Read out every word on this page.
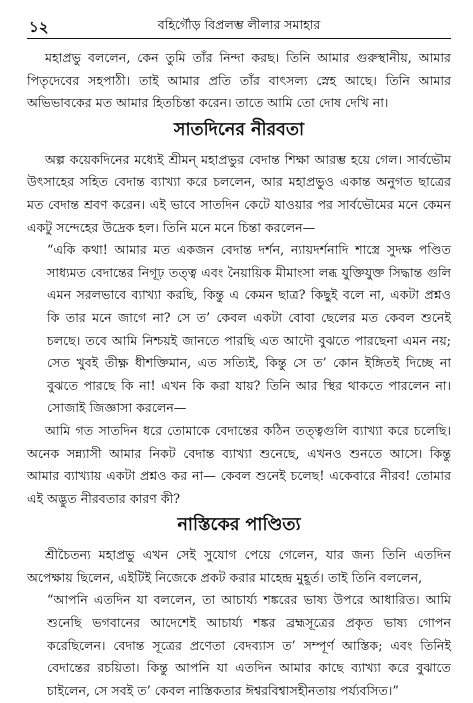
১২	বহির্গৌড় বিপ্রলম্ভ লীলার সমাহার

মহাপ্রভু বললেন, কেন তুমি তাঁর নিন্দা করছ। তিনি আমার গুরুস্থানীয়, আমার পিতৃদেবের সহপাঠী। তাই আমার প্রতি তাঁর বাৎসল্য স্নেহ আছে। তিনি আমার অভিভাবকের মত আমার হিতচিন্তা করেন। তাতে আমি তো দোষ দেখি না।

সাতদিনের নীরবতা

অল্প কয়েকদিনের মধ্যেই শ্রীমন্ মহাপ্রভুর বেদান্ত শিক্ষা আরম্ভ হয়ে গেল। সার্বভৌম উৎসাহের সহিত বেদান্ত ব্যাখ্যা করে চললেন, আর মহাপ্রভুও একান্ত অনুগত ছাত্রের মত বেদান্ত শ্রবণ করেন। এই ভাবে সাতদিন কেটে যাওয়ার পর সার্বভৌমের মনে কেমন একটু সন্দেহের উদ্রেক হল। তিনি মনে মনে চিন্তা করলেন—

“একি কথা! আমার মত একজন বেদান্ত দর্শন, ন্যায়দর্শনাদি শাস্ত্রে সুদক্ষ পণ্ডিত সাধ্যমত বেদান্তের নিগূঢ় তত্ত্ব এবং নৈয়ায়িক মীমাংসা লব্ধ যুক্তিযুক্ত সিদ্ধান্ত গুলি এমন সরলভাবে ব্যাখ্যা করছি, কিন্তু এ কেমন ছাত্র? কিছুই বলে না, একটা প্রশ্নও কি তার মনে জাগে না? সে ত’ কেবল একটা বোবা ছেলের মত কেবল শুনেই চলছে। তবে আমি নিশ্চয়ই জানতে পারছি এত আদৌ বুঝতে পারছেনা এমন নয়; সেত খুবই তীক্ষ্ণ ধীশক্তিমান, এত সত্যিই, কিন্তু সে ত’ কোন ইঙ্গিতই দিচ্ছে না বুঝতে পারছে কি না! এখন কি করা যায়? তিনি আর স্থির থাকতে পারলেন না। সোজাই জিজ্ঞাসা করলেন—

আমি গত সাতদিন ধরে তোমাকে বেদান্তের কঠিন তত্ত্বগুলি ব্যাখ্যা করে চলেছি। অনেক সন্ন্যাসী আমার নিকট বেদান্ত ব্যাখ্যা শুনেছে, এখনও শুনতে আসে। কিন্তু আমার ব্যাখ্যায় একটা প্রশ্নও কর না— কেবল শুনেই চলেছ! একেবারে নীরব! তোমার এই অদ্ভুত নীরবতার কারণ কী?

নাস্তিকের পাণ্ডিত্য

শ্রীচৈতন্য মহাপ্রভু এখন সেই সুযোগ পেয়ে গেলেন, যার জন্য তিনি এতদিন অপেক্ষায় ছিলেন, এইটিই নিজেকে প্রকট করার মাহেন্দ্র মুহূর্ত। তাই তিনি বললেন,

“আপনি এতদিন যা বললেন, তা আচার্য্য শঙ্করের ভাষ্য উপরে আধারিত। আমি শুনেছি ভগবানের আদেশেই আচার্য্য শঙ্কর ব্রহ্মসূত্রের প্রকৃত ভাষ্য গোপন করেছিলেন। বেদান্ত সূত্রের প্রণেতা বেদব্যাস ত’ সম্পূর্ণ আস্তিক; এবং তিনিই বেদান্তের রচয়িতা। কিন্তু আপনি যা এতদিন আমার কাছে ব্যাখ্যা করে বুঝাতে চাইলেন, সে সবই ত’ কেবল নাস্তিকতার ঈশ্বরবিশ্বাসহীনতায় পর্য্যবসিত।”
